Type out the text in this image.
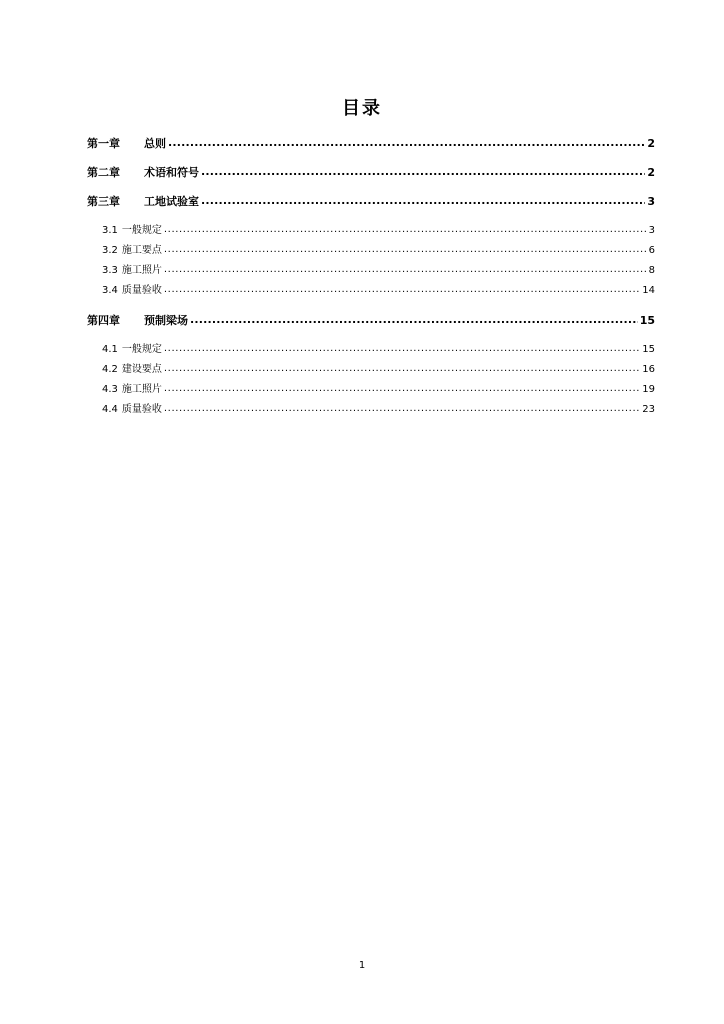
目录
第一章	总则 .....	2
第二章	术语和符号 .....	2
第三章	工地试验室 .....	3
3.1 一般规定 .....	3
3.2 施工要点 .....	6
3.3 施工照片 .....	8
3.4 质量验收 .....	14
第四章	预制梁场 .....	15
4.1 一般规定 .....	15
4.2 建设要点 .....	16
4.3 施工照片 .....	19
4.4 质量验收 .....	23
1
